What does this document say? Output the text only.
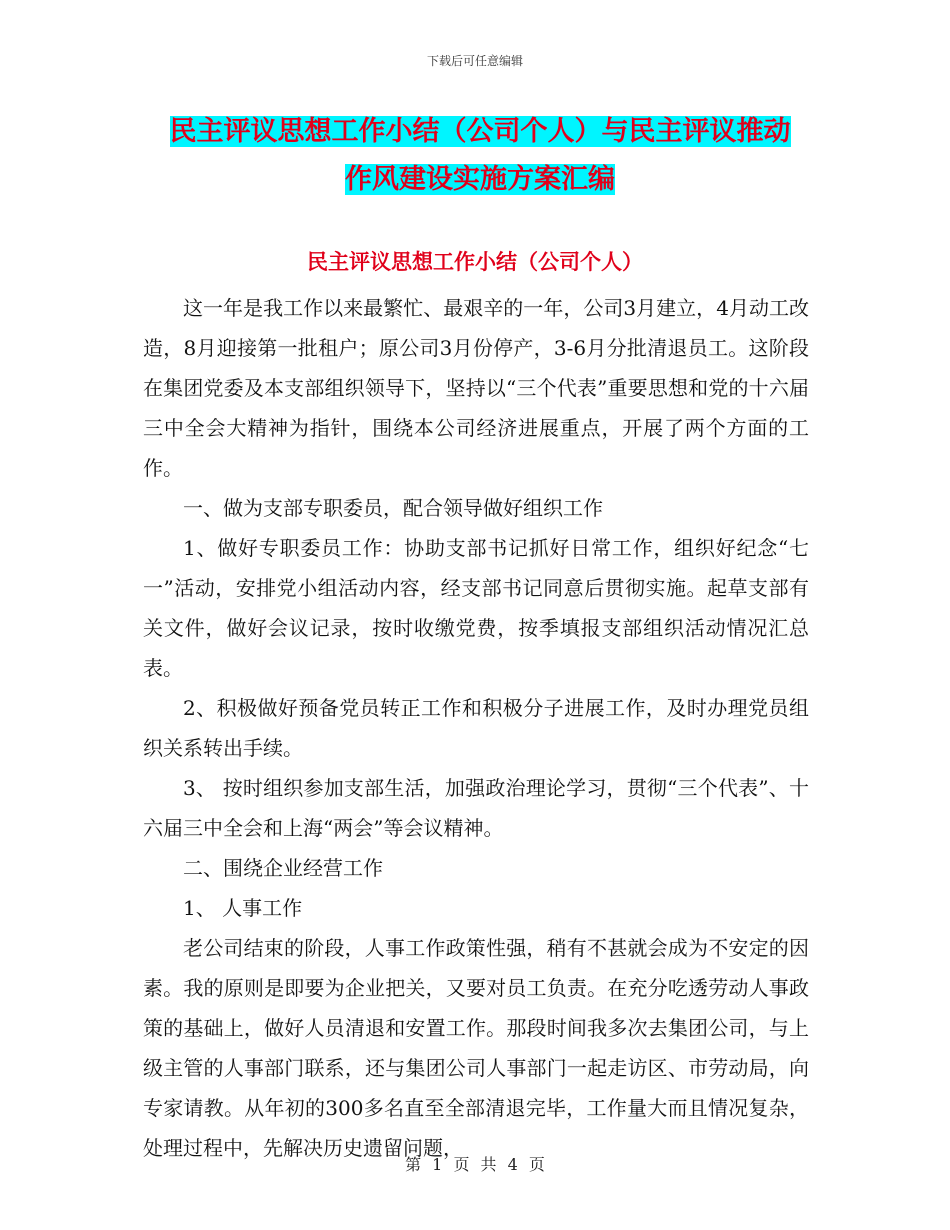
下载后可任意编辑
民主评议思想工作小结（公司个人）与民主评议推动
作风建设实施方案汇编
民主评议思想工作小结（公司个人）

这一年是我工作以来最繁忙、最艰辛的一年，公司3月建立，4月动工改造，8月迎接第一批租户；原公司3月份停产，3-6月分批清退员工。这阶段在集团党委及本支部组织领导下，坚持以“三个代表”重要思想和党的十六届三中全会大精神为指针，围绕本公司经济进展重点，开展了两个方面的工作。

一、做为支部专职委员，配合领导做好组织工作

1、做好专职委员工作：协助支部书记抓好日常工作，组织好纪念“七一”活动，安排党小组活动内容，经支部书记同意后贯彻实施。起草支部有关文件，做好会议记录，按时收缴党费，按季填报支部组织活动情况汇总表。

2、积极做好预备党员转正工作和积极分子进展工作，及时办理党员组织关系转出手续。

3、 按时组织参加支部生活，加强政治理论学习，贯彻“三个代表”、十六届三中全会和上海“两会”等会议精神。

二、围绕企业经营工作

1、 人事工作

老公司结束的阶段，人事工作政策性强，稍有不甚就会成为不安定的因素。我的原则是即要为企业把关，又要对员工负责。在充分吃透劳动人事政策的基础上，做好人员清退和安置工作。那段时间我多次去集团公司，与上级主管的人事部门联系，还与集团公司人事部门一起走访区、市劳动局，向专家请教。从年初的300多名直至全部清退完毕，工作量大而且情况复杂，处理过程中，先解决历史遗留问题，

第 1 页 共 4 页
